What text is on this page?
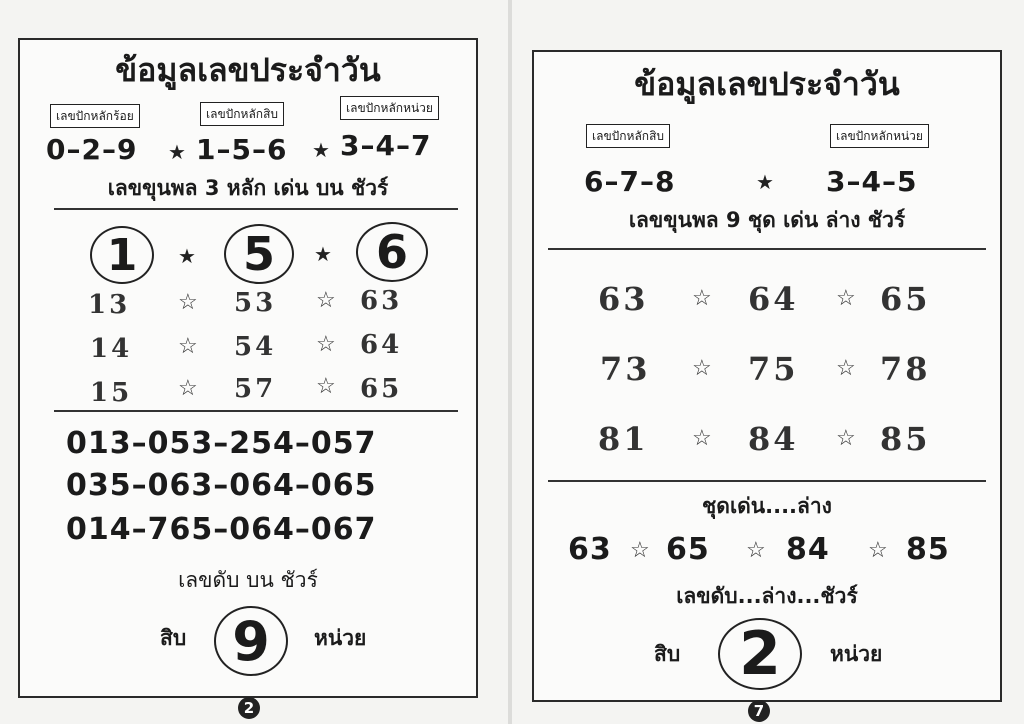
ข้อมูลเลขประจำวัน
เลขปักหลักร้อย	เลขปักหลักสิบ	เลขปักหลักหน่วย
0–2–9 ★ 1–5–6 ★ 3–4–7
เลขขุนพล 3 หลัก เด่น บน ชัวร์
1	★	5	★ 6
13 ☆ 53 ☆ 63
14 ☆ 54 ☆ 64
15 ☆ 57 ☆ 65
013–053–254–057
035–063–064–065
014–765–064–067
เลขดับ บน ชัวร์
สิบ 9	หน่วย
2
ข้อมูลเลขประจำวัน
เลขปักหลักสิบ	เลขปักหลักหน่วย
6–7–8	★ 3–4–5
เลขขุนพล 9 ชุด เด่น ล่าง ชัวร์
63 ☆ 64 ☆ 65
73 ☆ 75 ☆ 78
81 ☆ 84 ☆ 85
ชุดเด่น....ล่าง
63 ☆ 65 ☆ 84 ☆ 85
เลขดับ...ล่าง...ชัวร์
สิบ 2	หน่วย
7
